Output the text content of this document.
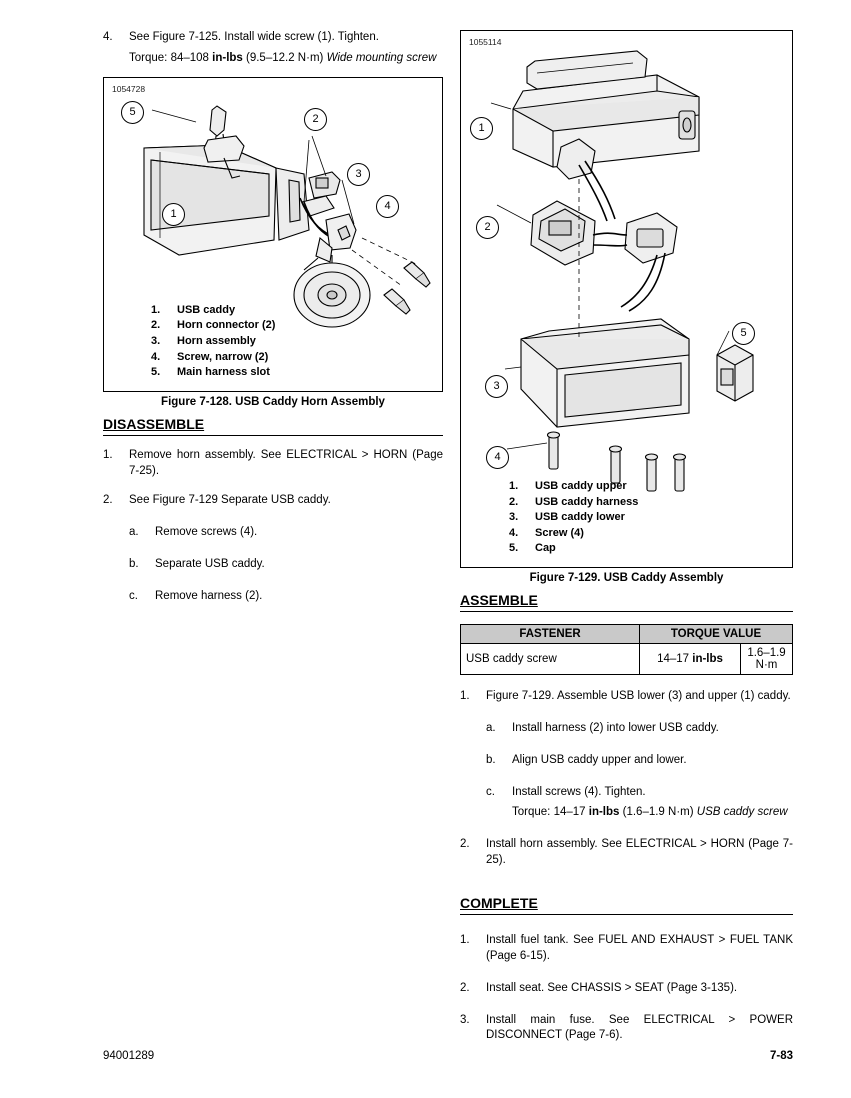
4. See Figure 7-125. Install wide screw (1). Tighten.
Torque: 84–108 in-lbs (9.5–12.2 N·m) Wide mounting screw
1054728
5
2
3
4
1
1. USB caddy
2. Horn connector (2)
3. Horn assembly
4. Screw, narrow (2)
5. Main harness slot
Figure 7-128. USB Caddy Horn Assembly
DISASSEMBLE
1. Remove horn assembly. See ELECTRICAL > HORN (Page 7-25).
2. See Figure 7-129 Separate USB caddy.
a. Remove screws (4).
b. Separate USB caddy.
c. Remove harness (2).
1055114
1
2
5
3
4
1. USB caddy upper
2. USB caddy harness
3. USB caddy lower
4. Screw (4)
5. Cap
Figure 7-129. USB Caddy Assembly
ASSEMBLE
FASTENER	TORQUE VALUE	
USB caddy screw	14–17 in-lbs	1.6–1.9 N·m
1. Figure 7-129. Assemble USB lower (3) and upper (1) caddy.
a. Install harness (2) into lower USB caddy.
b. Align USB caddy upper and lower.
c. Install screws (4). Tighten.
Torque: 14–17 in-lbs (1.6–1.9 N·m) USB caddy screw
2. Install horn assembly. See ELECTRICAL > HORN (Page 7-25).
COMPLETE
1. Install fuel tank. See FUEL AND EXHAUST > FUEL TANK (Page 6-15).
2. Install seat. See CHASSIS > SEAT (Page 3-135).
3. Install main fuse. See ELECTRICAL > POWER DISCONNECT (Page 7-6).
94001289	7-83
